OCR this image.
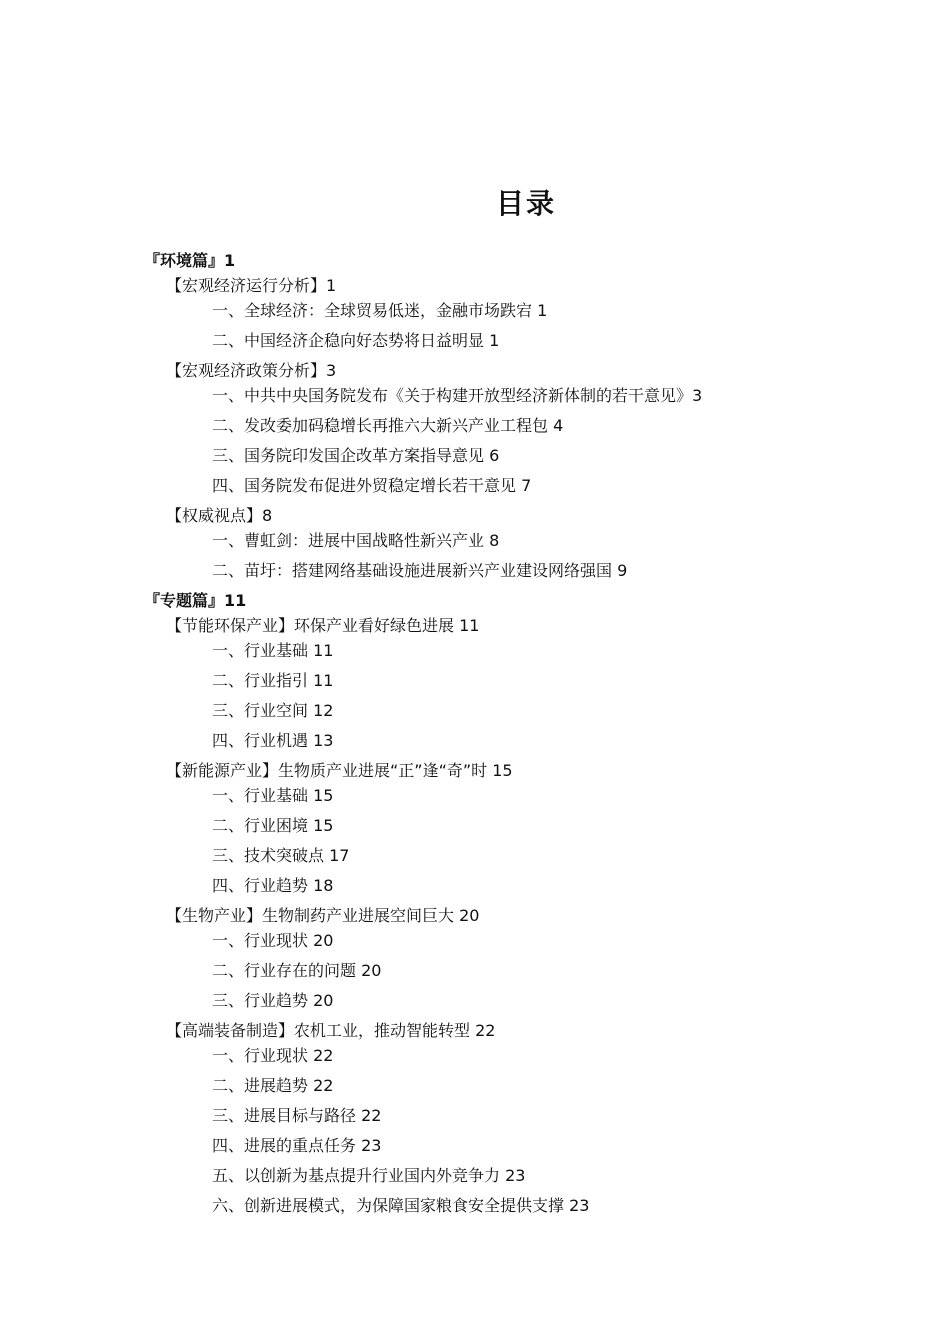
目录
『环境篇』1
【宏观经济运行分析】1
一、全球经济：全球贸易低迷，金融市场跌宕 1
二、中国经济企稳向好态势将日益明显 1
【宏观经济政策分析】3
一、中共中央国务院发布《关于构建开放型经济新体制的若干意见》3
二、发改委加码稳增长再推六大新兴产业工程包 4
三、国务院印发国企改革方案指导意见 6
四、国务院发布促进外贸稳定增长若干意见 7
【权威视点】8
一、曹虹剑：进展中国战略性新兴产业 8
二、苗圩：搭建网络基础设施进展新兴产业建设网络强国 9
『专题篇』11
【节能环保产业】环保产业看好绿色进展 11
一、行业基础 11
二、行业指引 11
三、行业空间 12
四、行业机遇 13
【新能源产业】生物质产业进展“正”逢“奇”时 15
一、行业基础 15
二、行业困境 15
三、技术突破点 17
四、行业趋势 18
【生物产业】生物制药产业进展空间巨大 20
一、行业现状 20
二、行业存在的问题 20
三、行业趋势 20
【高端装备制造】农机工业，推动智能转型 22
一、行业现状 22
二、进展趋势 22
三、进展目标与路径 22
四、进展的重点任务 23
五、以创新为基点提升行业国内外竞争力 23
六、创新进展模式，为保障国家粮食安全提供支撑 23
